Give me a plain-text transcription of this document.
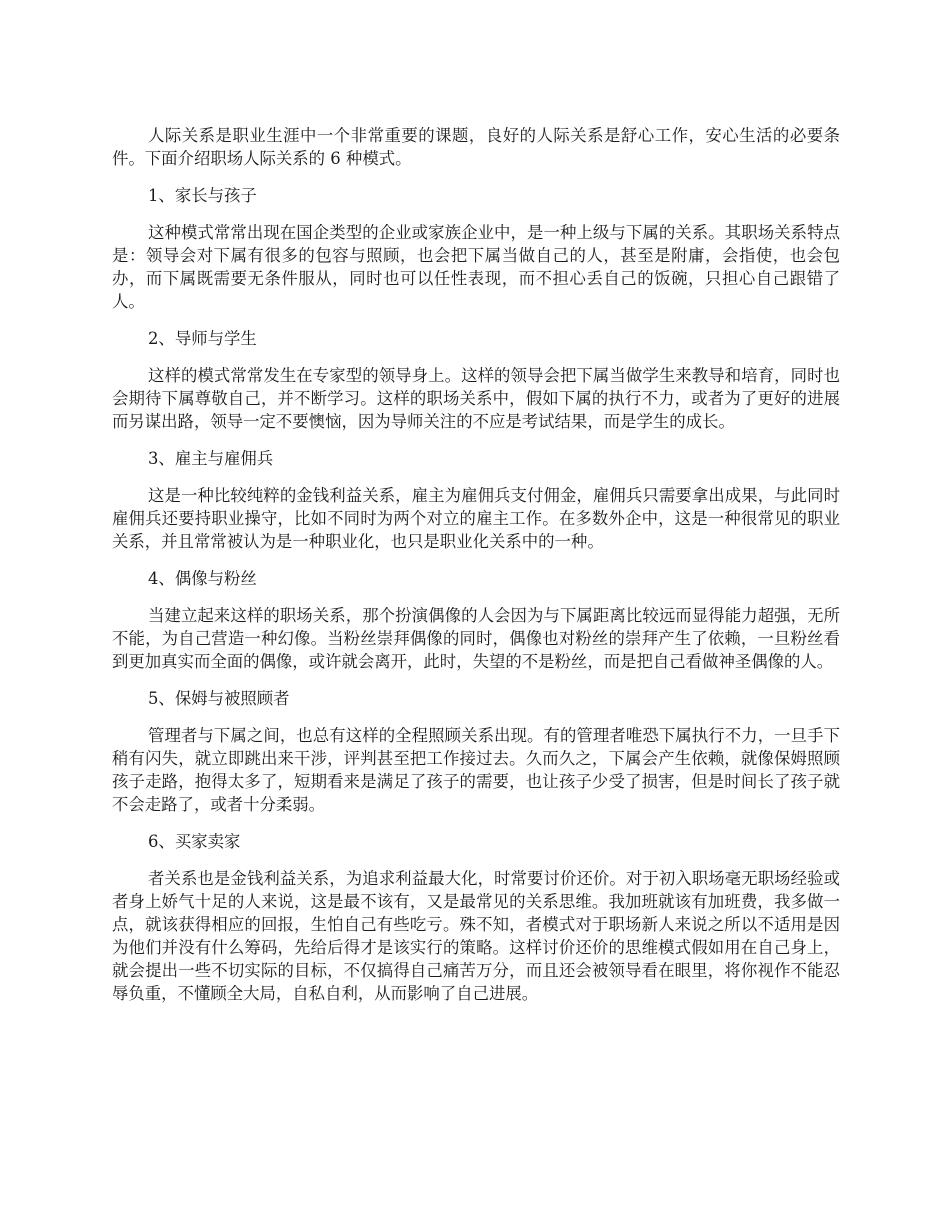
人际关系是职业生涯中一个非常重要的课题，良好的人际关系是舒心工作，安心生活的必要条件。下面介绍职场人际关系的 6 种模式。

1、家长与孩子

这种模式常常出现在国企类型的企业或家族企业中，是一种上级与下属的关系。其职场关系特点是：领导会对下属有很多的包容与照顾，也会把下属当做自己的人，甚至是附庸，会指使，也会包办，而下属既需要无条件服从，同时也可以任性表现，而不担心丢自己的饭碗，只担心自己跟错了人。

2、导师与学生

这样的模式常常发生在专家型的领导身上。这样的领导会把下属当做学生来教导和培育，同时也会期待下属尊敬自己，并不断学习。这样的职场关系中，假如下属的执行不力，或者为了更好的进展而另谋出路，领导一定不要懊恼，因为导师关注的不应是考试结果，而是学生的成长。

3、雇主与雇佣兵

这是一种比较纯粹的金钱利益关系，雇主为雇佣兵支付佣金，雇佣兵只需要拿出成果，与此同时雇佣兵还要持职业操守，比如不同时为两个对立的雇主工作。在多数外企中，这是一种很常见的职业关系，并且常常被认为是一种职业化，也只是职业化关系中的一种。

4、偶像与粉丝

当建立起来这样的职场关系，那个扮演偶像的人会因为与下属距离比较远而显得能力超强，无所不能，为自己营造一种幻像。当粉丝崇拜偶像的同时，偶像也对粉丝的崇拜产生了依赖，一旦粉丝看到更加真实而全面的偶像，或许就会离开，此时，失望的不是粉丝，而是把自己看做神圣偶像的人。

5、保姆与被照顾者

管理者与下属之间，也总有这样的全程照顾关系出现。有的管理者唯恐下属执行不力，一旦手下稍有闪失，就立即跳出来干涉，评判甚至把工作接过去。久而久之，下属会产生依赖，就像保姆照顾孩子走路，抱得太多了，短期看来是满足了孩子的需要，也让孩子少受了损害，但是时间长了孩子就不会走路了，或者十分柔弱。

6、买家卖家

者关系也是金钱利益关系，为追求利益最大化，时常要讨价还价。对于初入职场毫无职场经验或者身上娇气十足的人来说，这是最不该有，又是最常见的关系思维。我加班就该有加班费，我多做一点，就该获得相应的回报，生怕自己有些吃亏。殊不知，者模式对于职场新人来说之所以不适用是因为他们并没有什么筹码，先给后得才是该实行的策略。这样讨价还价的思维模式假如用在自己身上，就会提出一些不切实际的目标，不仅搞得自己痛苦万分，而且还会被领导看在眼里，将你视作不能忍辱负重，不懂顾全大局，自私自利，从而影响了自己进展。
